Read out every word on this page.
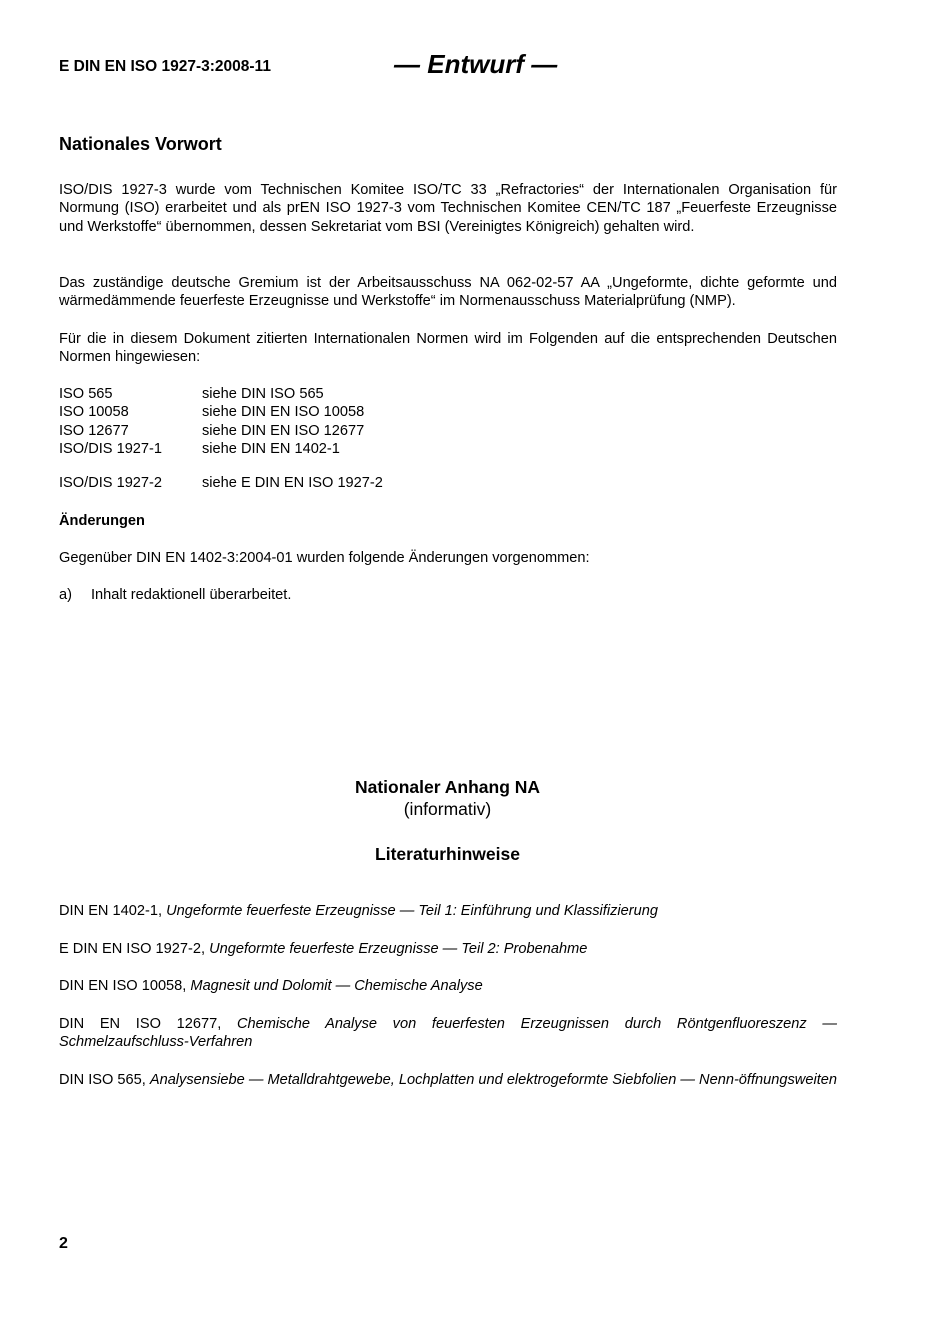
E DIN EN ISO 1927-3:2008-11	— Entwurf —
Nationales Vorwort
ISO/DIS 1927-3 wurde vom Technischen Komitee ISO/TC 33 „Refractories“ der Internationalen Organisation für Normung (ISO) erarbeitet und als prEN ISO 1927-3 vom Technischen Komitee CEN/TC 187 „Feuerfeste Erzeugnisse und Werkstoffe“ übernommen, dessen Sekretariat vom BSI (Vereinigtes Königreich) gehalten wird.
Das zuständige deutsche Gremium ist der Arbeitsausschuss NA 062-02-57 AA „Ungeformte, dichte geformte und wärmedämmende feuerfeste Erzeugnisse und Werkstoffe“ im Normenausschuss Materialprüfung (NMP).
Für die in diesem Dokument zitierten Internationalen Normen wird im Folgenden auf die entsprechenden Deutschen Normen hingewiesen:
ISO 565	siehe DIN ISO 565
ISO 10058	siehe DIN EN ISO 10058
ISO 12677	siehe DIN EN ISO 12677
ISO/DIS 1927-1	siehe DIN EN 1402-1
ISO/DIS 1927-2	siehe E DIN EN ISO 1927-2
Änderungen
Gegenüber DIN EN 1402-3:2004-01 wurden folgende Änderungen vorgenommen:
a)	Inhalt redaktionell überarbeitet.
Nationaler Anhang NA
(informativ)
Literaturhinweise
DIN EN 1402-1, Ungeformte feuerfeste Erzeugnisse — Teil 1: Einführung und Klassifizierung
E DIN EN ISO 1927-2, Ungeformte feuerfeste Erzeugnisse — Teil 2: Probenahme
DIN EN ISO 10058, Magnesit und Dolomit — Chemische Analyse
DIN EN ISO 12677, Chemische Analyse von feuerfesten Erzeugnissen durch Röntgenfluoreszenz — Schmelzaufschluss-Verfahren
DIN ISO 565, Analysensiebe — Metalldrahtgewebe, Lochplatten und elektrogeformte Siebfolien — Nenn-öffnungsweiten
2
